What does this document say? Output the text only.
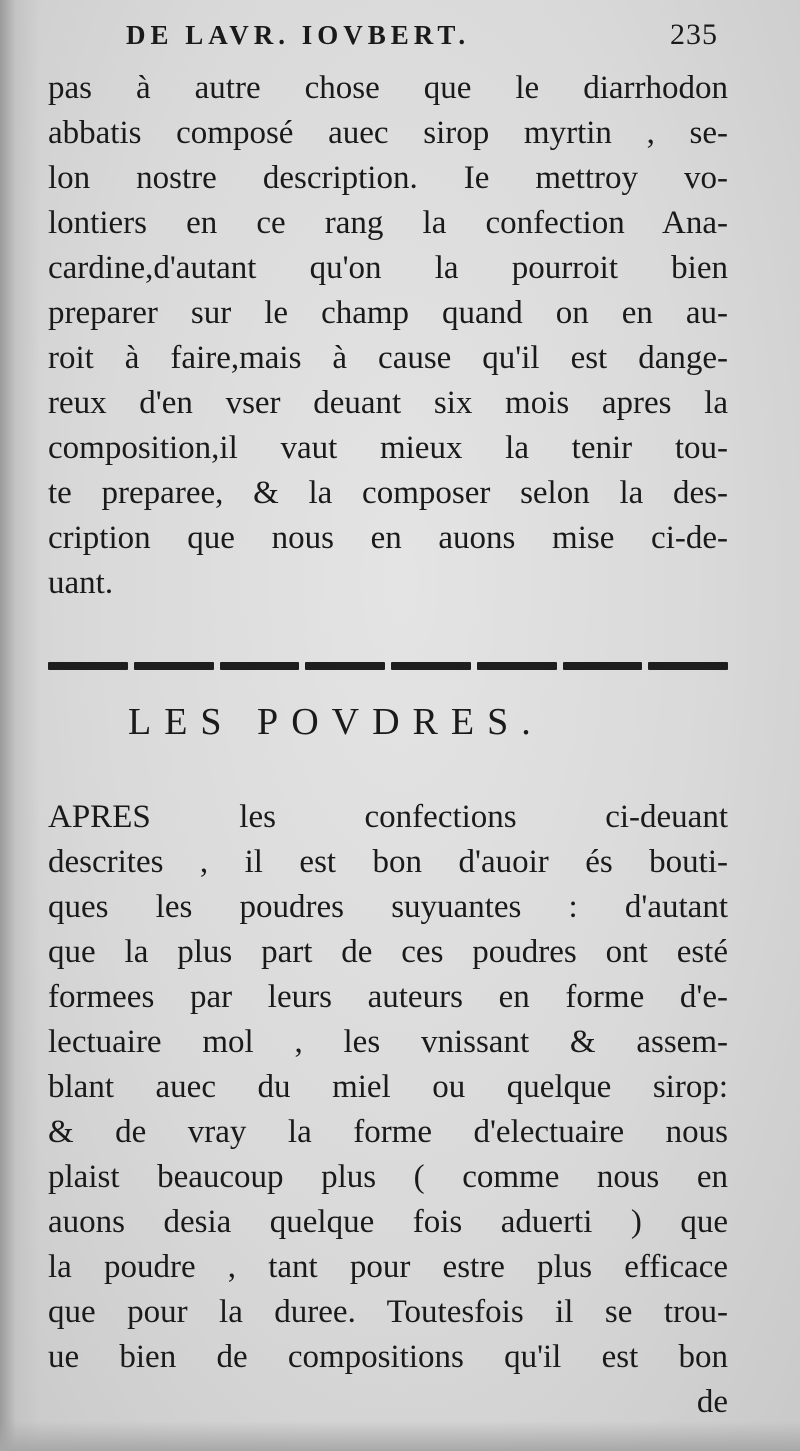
DE LAVR. IOVBERT.	235
pas à autre chose que le diarrhodon
abbatis composé auec sirop myrtin , se-
lon nostre description. Ie mettroy vo-
lontiers en ce rang la confection Ana-
cardine,d'autant qu'on la pourroit bien
preparer sur le champ quand on en au-
roit à faire,mais à cause qu'il est dange-
reux d'en vser deuant six mois apres la
composition,il vaut mieux la tenir tou-
te preparee, & la composer selon la des-
cription que nous en auons mise ci-de-
uant.
LES POVDRES.
APRES les confections ci-deuant
descrites , il est bon d'auoir és bouti-
ques les poudres suyuantes : d'autant
que la plus part de ces poudres ont esté
formees par leurs auteurs en forme d'e-
lectuaire mol , les vnissant & assem-
blant auec du miel ou quelque sirop:
& de vray la forme d'electuaire nous
plaist beaucoup plus ( comme nous en
auons desia quelque fois aduerti ) que
la poudre , tant pour estre plus efficace
que pour la duree. Toutesfois il se trou-
ue bien de compositions qu'il est bon
de
